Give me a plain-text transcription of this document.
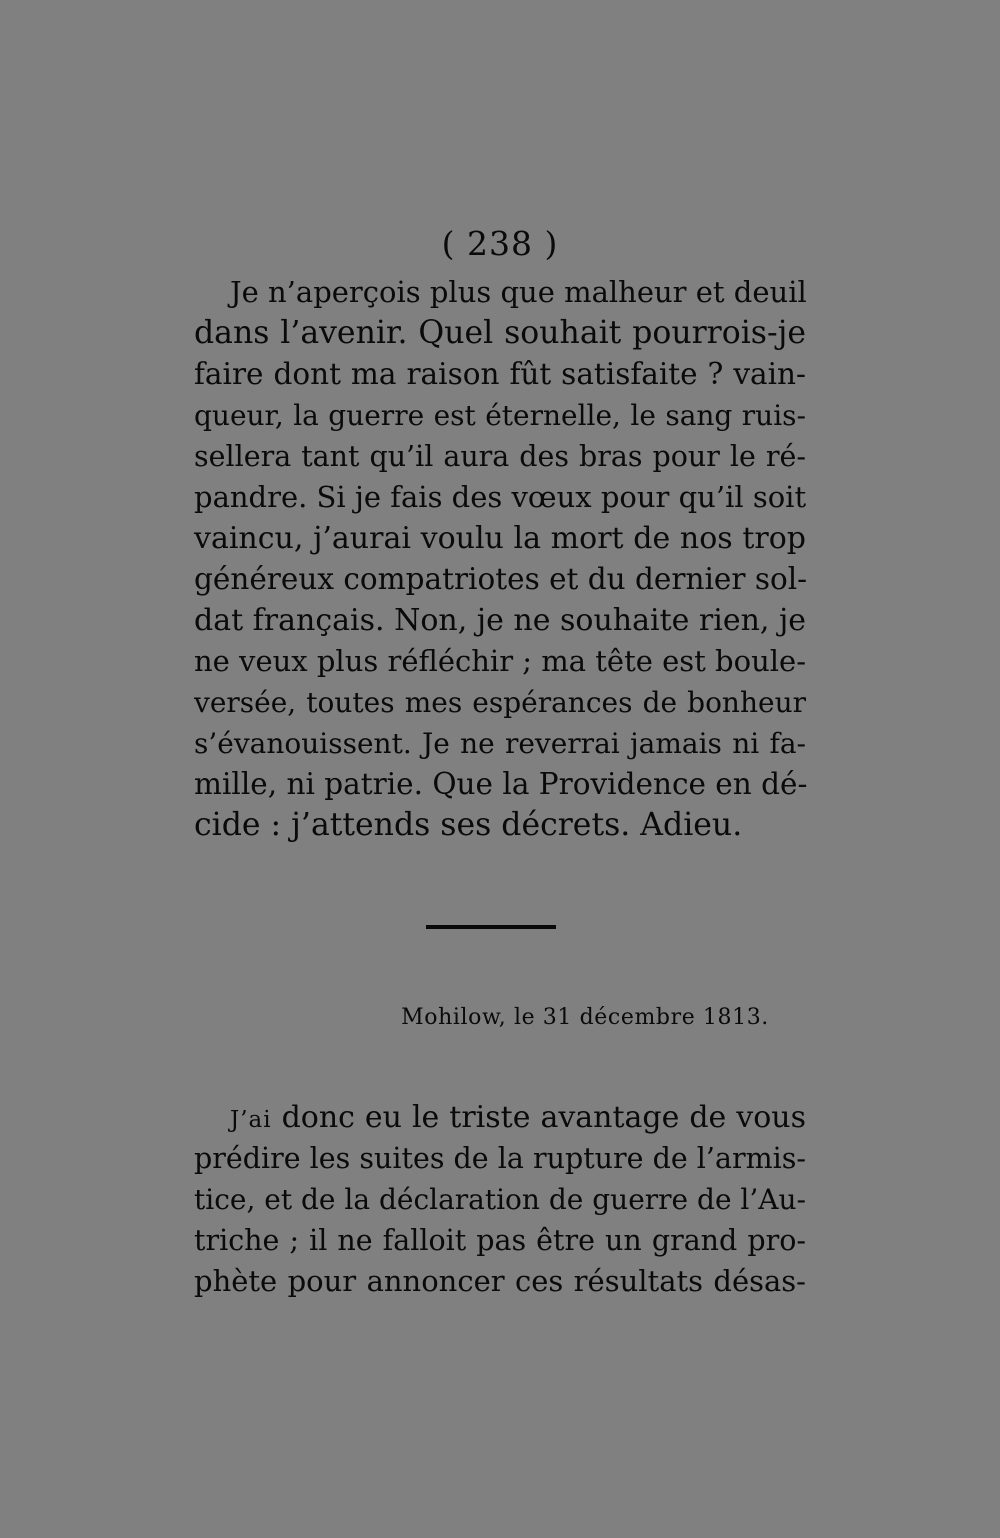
( 238 )
Je n’aperçois plus que malheur et deuil
dans l’avenir. Quel souhait pourrois-je
faire dont ma raison fût satisfaite ? vain-
queur, la guerre est éternelle, le sang ruis-
sellera tant qu’il aura des bras pour le ré-
pandre. Si je fais des vœux pour qu’il soit
vaincu, j’aurai voulu la mort de nos trop
généreux compatriotes et du dernier sol-
dat français. Non, je ne souhaite rien, je
ne veux plus réfléchir ; ma tête est boule-
versée, toutes mes espérances de bonheur
s’évanouissent. Je ne reverrai jamais ni fa-
mille, ni patrie. Que la Providence en dé-
cide : j’attends ses décrets. Adieu.
Mohilow, le 31 décembre 1813.
J’ai donc eu le triste avantage de vous
prédire les suites de la rupture de l’armis-
tice, et de la déclaration de guerre de l’Au-
triche ; il ne falloit pas être un grand pro-
phète pour annoncer ces résultats désas-
